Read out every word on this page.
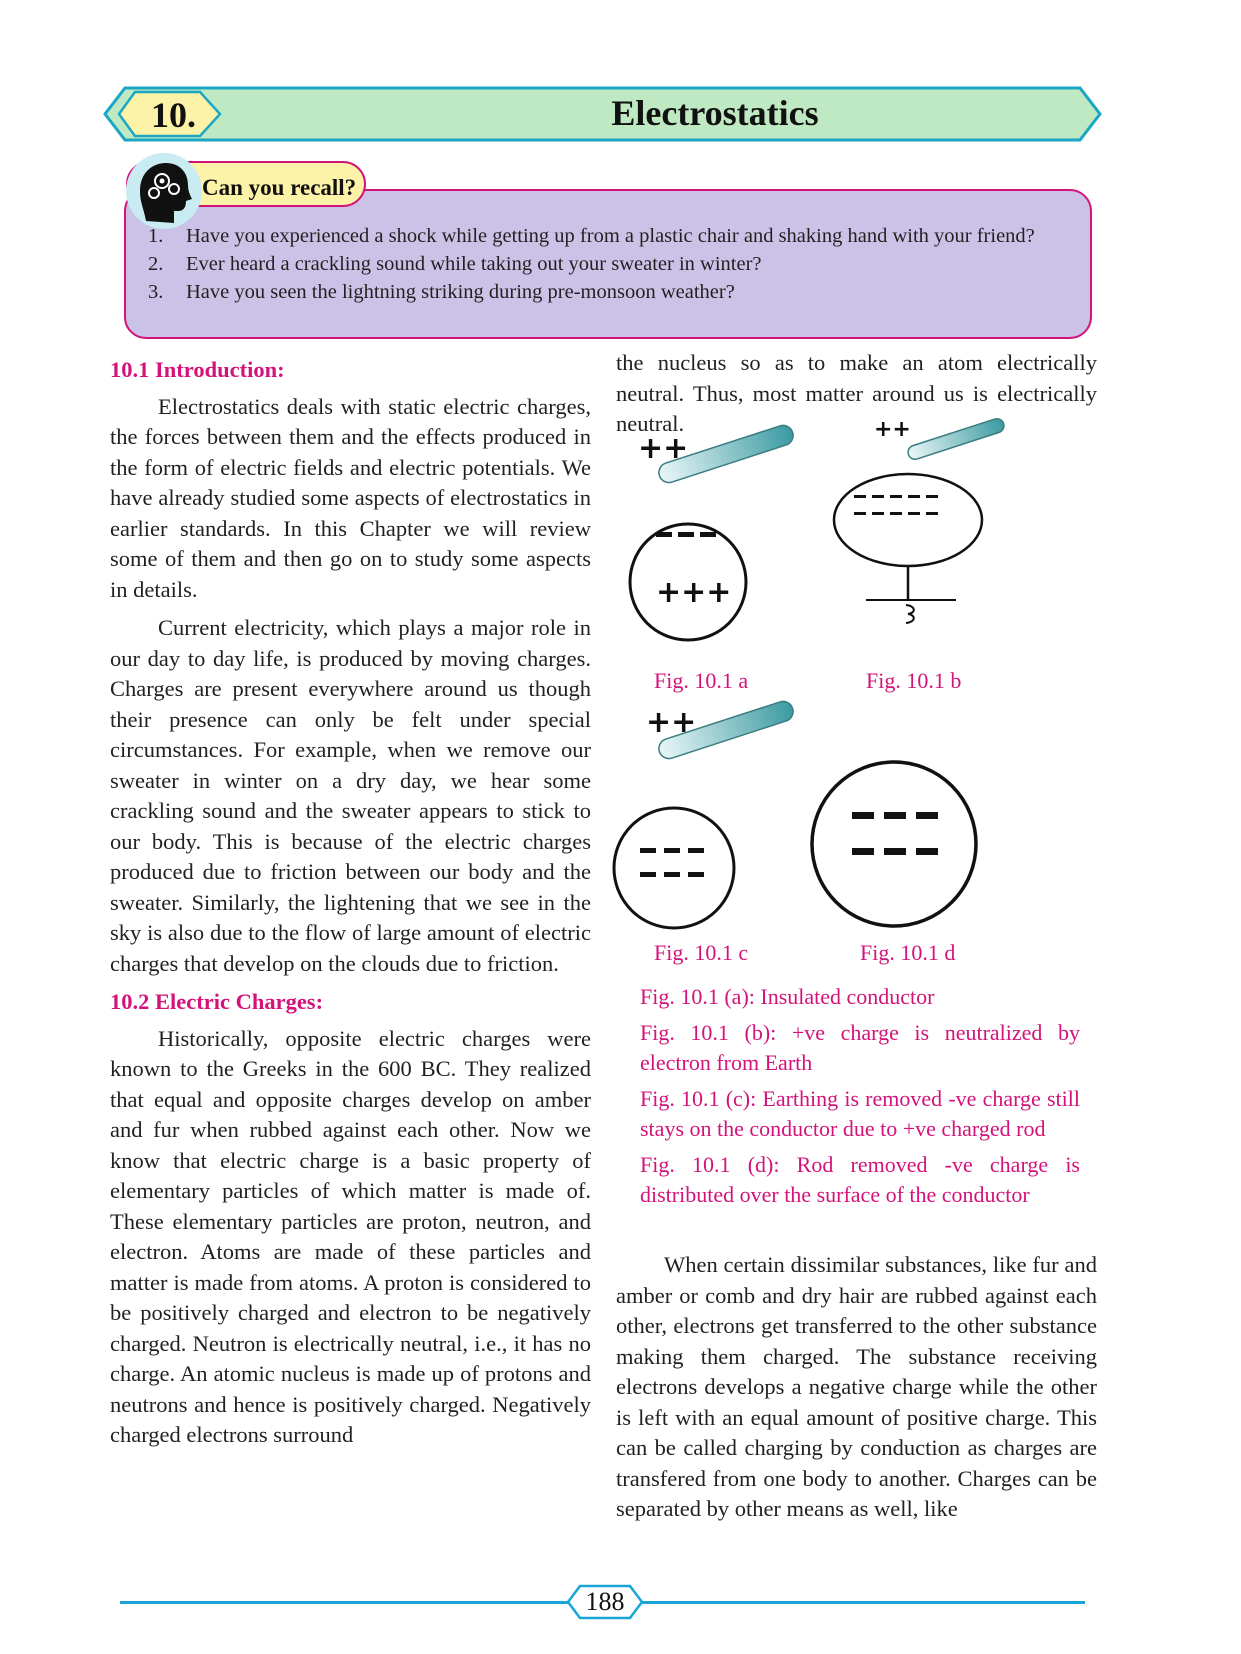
10.	Electrostatics
Can you recall?
1. Have you experienced a shock while getting up from a plastic chair and shaking hand with your friend?
2. Ever heard a crackling sound while taking out your sweater in winter?
3. Have you seen the lightning striking during pre-monsoon weather?
10.1 Introduction:

Electrostatics deals with static electric charges, the forces between them and the effects produced in the form of electric fields and electric potentials. We have already studied some aspects of electrostatics in earlier standards. In this Chapter we will review some of them and then go on to study some aspects in details.

Current electricity, which plays a major role in our day to day life, is produced by moving charges. Charges are present everywhere around us though their presence can only be felt under special circumstances. For example, when we remove our sweater in winter on a dry day, we hear some crackling sound and the sweater appears to stick to our body. This is because of the electric charges produced due to friction between our body and the sweater. Similarly, the lightening that we see in the sky is also due to the flow of large amount of electric charges that develop on the clouds due to friction.

10.2 Electric Charges:

Historically, opposite electric charges were known to the Greeks in the 600 BC. They realized that equal and opposite charges develop on amber and fur when rubbed against each other. Now we know that electric charge is a basic property of elementary particles of which matter is made of. These elementary particles are proton, neutron, and electron. Atoms are made of these particles and matter is made from atoms. A proton is considered to be positively charged and electron to be negatively charged. Neutron is electrically neutral, i.e., it has no charge. An atomic nucleus is made up of protons and neutrons and hence is positively charged. Negatively charged electrons surround

the nucleus so as to make an atom electrically neutral. Thus, most matter around us is electrically neutral.

++
+++
++
++
Fig. 10.1 a	Fig. 10.1 b
Fig. 10.1 c	Fig. 10.1 d

Fig. 10.1 (a): Insulated conductor

Fig. 10.1 (b): +ve charge is neutralized by electron from Earth

Fig. 10.1 (c): Earthing is removed -ve charge still stays on the conductor due to +ve charged rod

Fig. 10.1 (d): Rod removed -ve charge is distributed over the surface of the conductor

When certain dissimilar substances, like fur and amber or comb and dry hair are rubbed against each other, electrons get transferred to the other substance making them charged. The substance receiving electrons develops a negative charge while the other is left with an equal amount of positive charge. This can be called charging by conduction as charges are transfered from one body to another. Charges can be separated by other means as well, like

188
